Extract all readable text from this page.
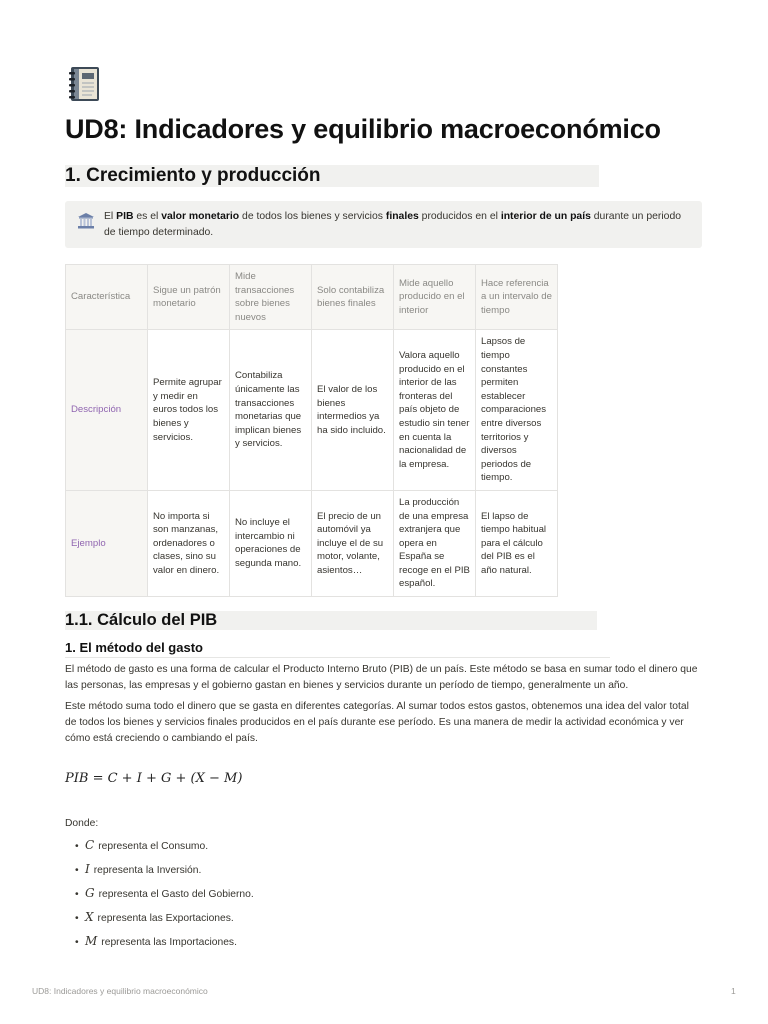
UD8: Indicadores y equilibrio macroeconómico
1. Crecimiento y producción
El PIB es el valor monetario de todos los bienes y servicios finales producidos en el interior de un país durante un periodo de tiempo determinado.
Característica	Sigue un patrón monetario	Mide transacciones sobre bienes nuevos	Solo contabiliza bienes finales	Mide aquello producido en el interior	Hace referencia a un intervalo de tiempo
Descripción	Permite agrupar y medir en euros todos los bienes y servicios.	Contabiliza únicamente las transacciones monetarias que implican bienes y servicios.	El valor de los bienes intermedios ya ha sido incluido.	Valora aquello producido en el interior de las fronteras del país objeto de estudio sin tener en cuenta la nacionalidad de la empresa.	Lapsos de tiempo constantes permiten establecer comparaciones entre diversos territorios y diversos periodos de tiempo.
Ejemplo	No importa si son manzanas, ordenadores o clases, sino su valor en dinero.	No incluye el intercambio ni operaciones de segunda mano.	El precio de un automóvil ya incluye el de su motor, volante, asientos…	La producción de una empresa extranjera que opera en España se recoge en el PIB español.	El lapso de tiempo habitual para el cálculo del PIB es el año natural.
1.1. Cálculo del PIB
1. El método del gasto

El método de gasto es una forma de calcular el Producto Interno Bruto (PIB) de un país. Este método se basa en sumar todo el dinero que las personas, las empresas y el gobierno gastan en bienes y servicios durante un período de tiempo, generalmente un año.

Este método suma todo el dinero que se gasta en diferentes categorías. Al sumar todos estos gastos, obtenemos una idea del valor total de todos los bienes y servicios finales producidos en el país durante ese período. Es una manera de medir la actividad económica y ver cómo está creciendo o cambiando el país.

PIB = C + I + G + (X − M)
Donde:
• C representa el Consumo.
• I representa la Inversión.
• G representa el Gasto del Gobierno.
• X representa las Exportaciones.
• M representa las Importaciones.
UD8: Indicadores y equilibrio macroeconómico	1
